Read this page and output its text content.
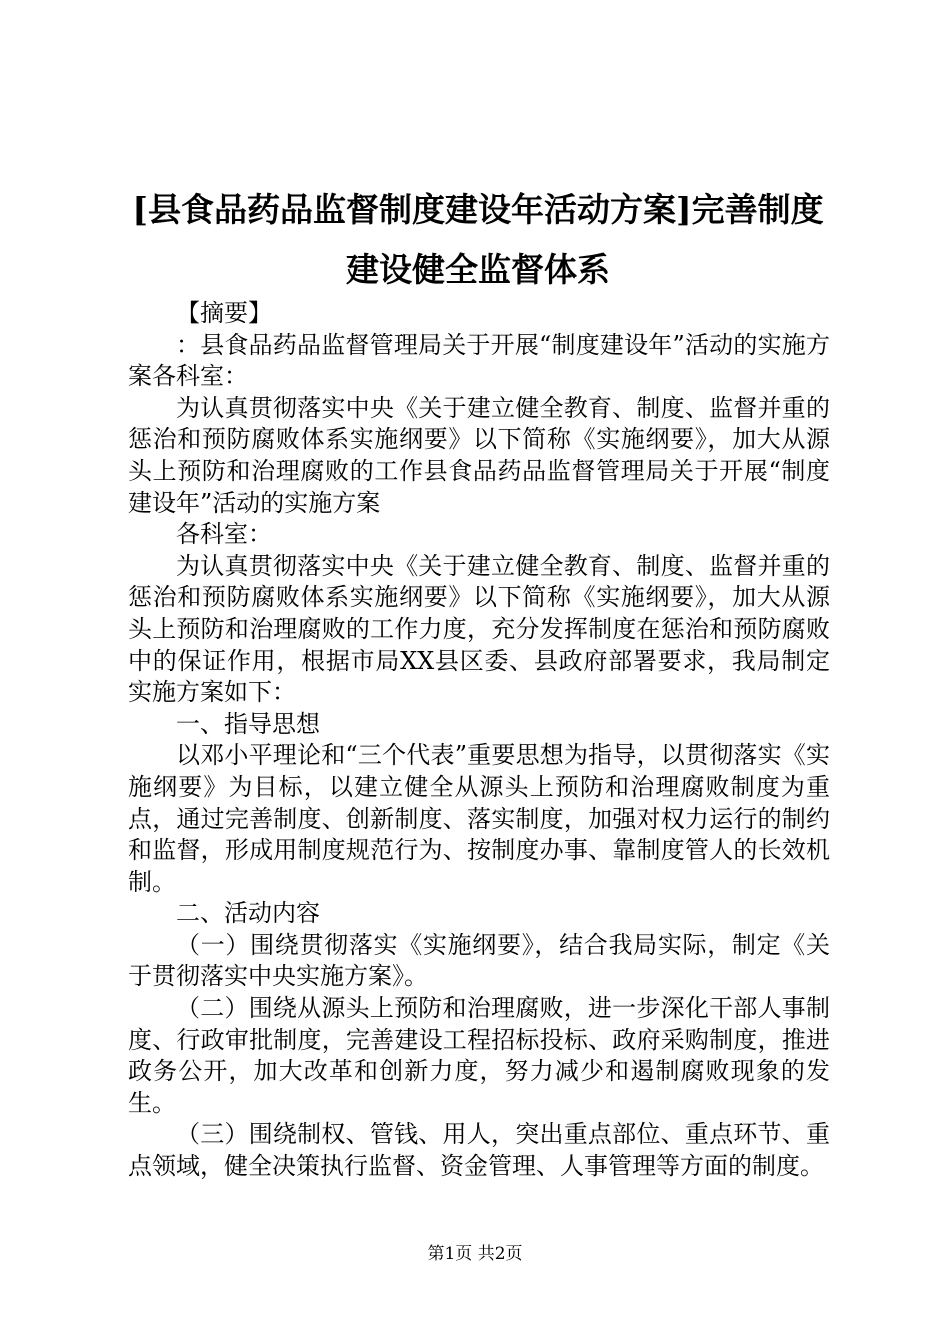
[县食品药品监督制度建设年活动方案]完善制度建设健全监督体系

【摘要】

：县食品药品监督管理局关于开展“制度建设年”活动的实施方案各科室：

为认真贯彻落实中央《关于建立健全教育、制度、监督并重的惩治和预防腐败体系实施纲要》以下简称《实施纲要》，加大从源头上预防和治理腐败的工作县食品药品监督管理局关于开展“制度建设年”活动的实施方案

各科室：

为认真贯彻落实中央《关于建立健全教育、制度、监督并重的惩治和预防腐败体系实施纲要》以下简称《实施纲要》，加大从源头上预防和治理腐败的工作力度，充分发挥制度在惩治和预防腐败中的保证作用，根据市局XX县区委、县政府部署要求，我局制定实施方案如下：

一、指导思想

以邓小平理论和“三个代表”重要思想为指导，以贯彻落实《实施纲要》为目标，以建立健全从源头上预防和治理腐败制度为重点，通过完善制度、创新制度、落实制度，加强对权力运行的制约和监督，形成用制度规范行为、按制度办事、靠制度管人的长效机制。

二、活动内容

（一）围绕贯彻落实《实施纲要》，结合我局实际，制定《关于贯彻落实中央实施方案》。

（二）围绕从源头上预防和治理腐败，进一步深化干部人事制度、行政审批制度，完善建设工程招标投标、政府采购制度，推进政务公开，加大改革和创新力度，努力减少和遏制腐败现象的发生。

（三）围绕制权、管钱、用人，突出重点部位、重点环节、重点领域，健全决策执行监督、资金管理、人事管理等方面的制度。

第1页 共2页
